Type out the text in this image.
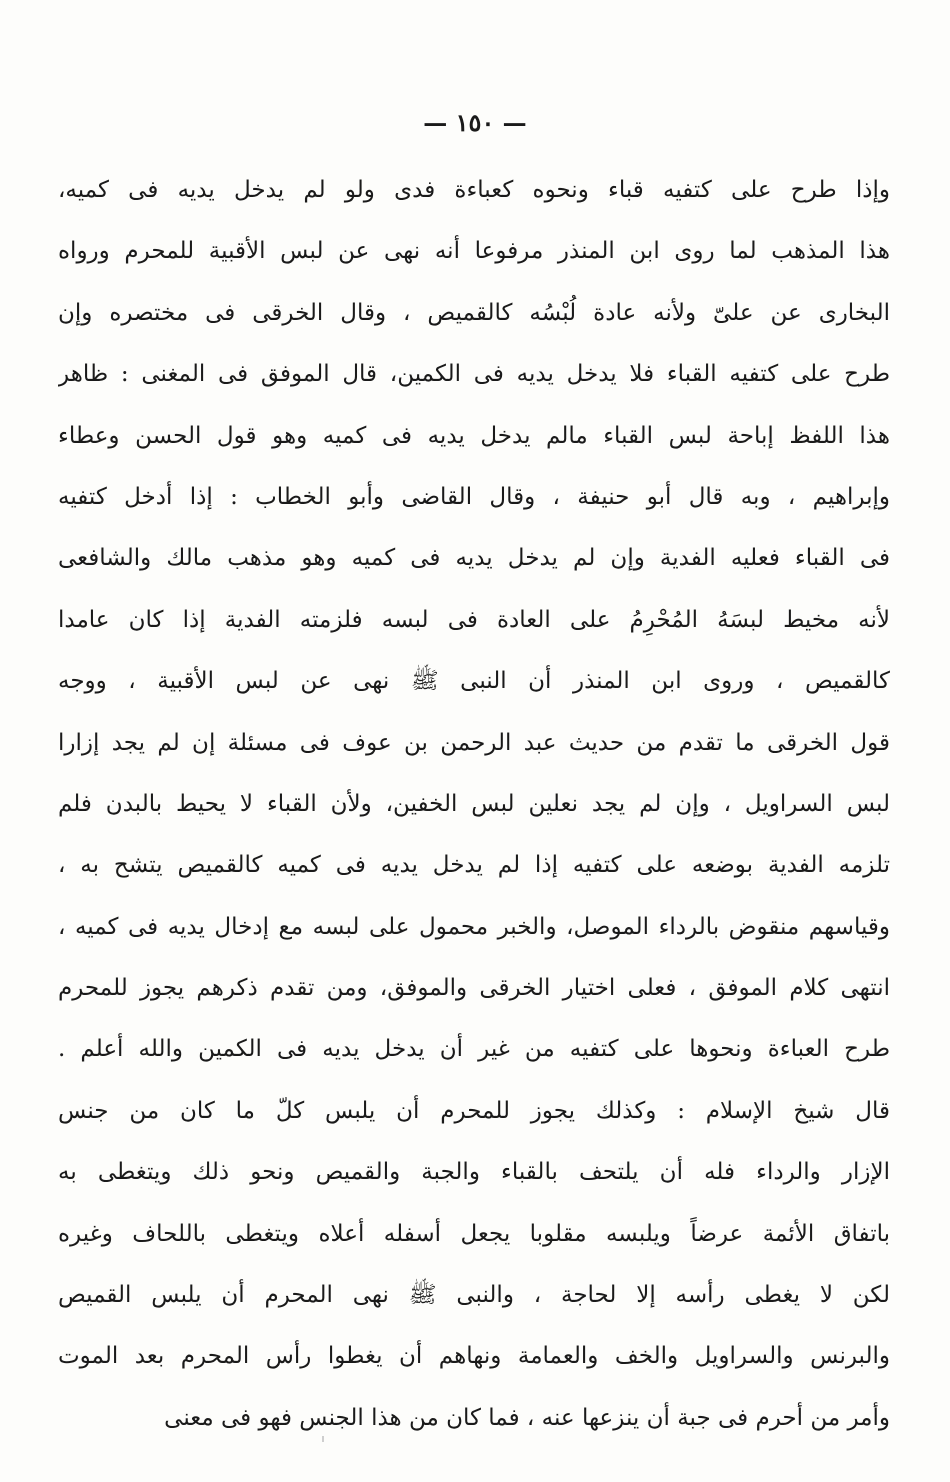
— ١٥٠ —
وإذا طرح على كتفيه قباء ونحوه كعباءة فدى ولو لم يدخل يديه فى كميه،
هذا المذهب لما روى ابن المنذر مرفوعا أنه نهى عن لبس الأقبية للمحرم ورواه
البخارى عن علىّ ولأنه عادة لُبْسُه كالقميص ، وقال الخرقى فى مختصره وإن
طرح على كتفيه القباء فلا يدخل يديه فى الكمين، قال الموفق فى المغنى : ظاهر
هذا اللفظ إباحة لبس القباء مالم يدخل يديه فى كميه وهو قول الحسن وعطاء
وإبراهيم ، وبه قال أبو حنيفة ، وقال القاضى وأبو الخطاب : إذا أدخل كتفيه
فى القباء فعليه الفدية وإن لم يدخل يديه فى كميه وهو مذهب مالك والشافعى
لأنه مخيط لبسَهُ المُحْرِمُ على العادة فى لبسه فلزمته الفدية إذا كان عامدا
كالقميص ، وروى ابن المنذر أن النبى ﷺ نهى عن لبس الأقبية ، ووجه
قول الخرقى ما تقدم من حديث عبد الرحمن بن عوف فى مسئلة إن لم يجد إزارا
لبس السراويل ، وإن لم يجد نعلين لبس الخفين، ولأن القباء لا يحيط بالبدن فلم
تلزمه الفدية بوضعه على كتفيه إذا لم يدخل يديه فى كميه كالقميص يتشح به ،
وقياسهم منقوض بالرداء الموصل، والخبر محمول على لبسه مع إدخال يديه فى كميه ،
انتهى كلام الموفق ، فعلى اختيار الخرقى والموفق، ومن تقدم ذكرهم يجوز للمحرم
طرح العباءة ونحوها على كتفيه من غير أن يدخل يديه فى الكمين والله أعلم .
قال شيخ الإسلام : وكذلك يجوز للمحرم أن يلبس كلّ ما كان من جنس
الإزار والرداء فله أن يلتحف بالقباء والجبة والقميص ونحو ذلك ويتغطى به
باتفاق الأئمة عرضاً ويلبسه مقلوبا يجعل أسفله أعلاه ويتغطى باللحاف وغيره
لكن لا يغطى رأسه إلا لحاجة ، والنبى ﷺ نهى المحرم أن يلبس القميص
والبرنس والسراويل والخف والعمامة ونهاهم أن يغطوا رأس المحرم بعد الموت
وأمر من أحرم فى جبة أن ينزعها عنه ، فما كان من هذا الجنس فهو فى معنى
